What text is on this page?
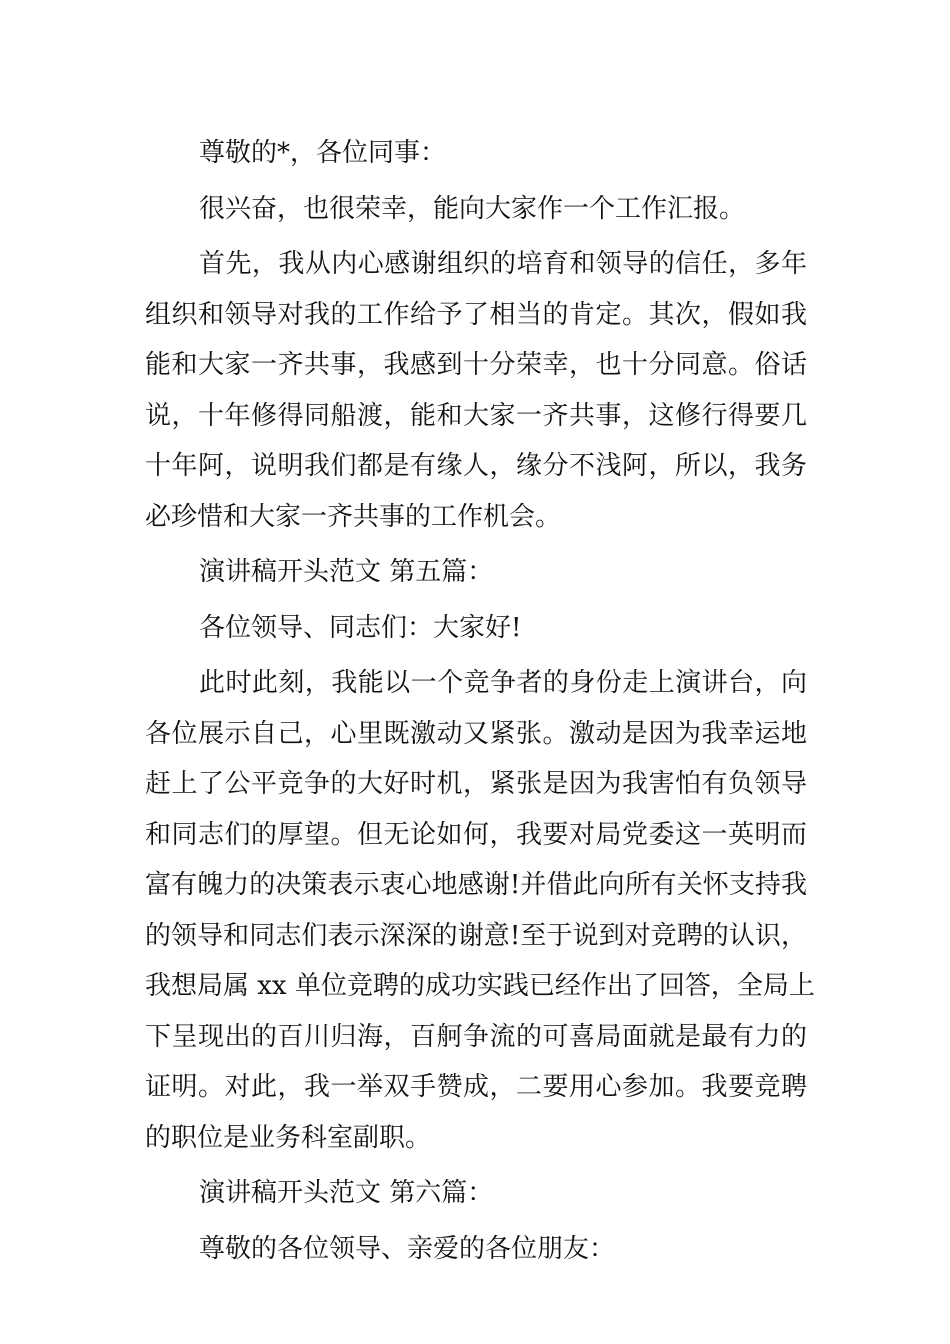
尊敬的*，各位同事：
很兴奋，也很荣幸，能向大家作一个工作汇报。
首先，我从内心感谢组织的培育和领导的信任，多年
组织和领导对我的工作给予了相当的肯定。其次，假如我
能和大家一齐共事，我感到十分荣幸，也十分同意。俗话
说，十年修得同船渡，能和大家一齐共事，这修行得要几
十年阿，说明我们都是有缘人，缘分不浅阿，所以，我务
必珍惜和大家一齐共事的工作机会。
演讲稿开头范文 第五篇：
各位领导、同志们：大家好!
此时此刻，我能以一个竞争者的身份走上演讲台，向
各位展示自己，心里既激动又紧张。激动是因为我幸运地
赶上了公平竞争的大好时机，紧张是因为我害怕有负领导
和同志们的厚望。但无论如何，我要对局党委这一英明而
富有魄力的决策表示衷心地感谢!并借此向所有关怀支持我
的领导和同志们表示深深的谢意!至于说到对竞聘的认识，
我想局属 xx 单位竞聘的成功实践已经作出了回答，全局上
下呈现出的百川归海，百舸争流的可喜局面就是最有力的
证明。对此，我一举双手赞成，二要用心参加。我要竞聘
的职位是业务科室副职。
演讲稿开头范文 第六篇：
尊敬的各位领导、亲爱的各位朋友：
